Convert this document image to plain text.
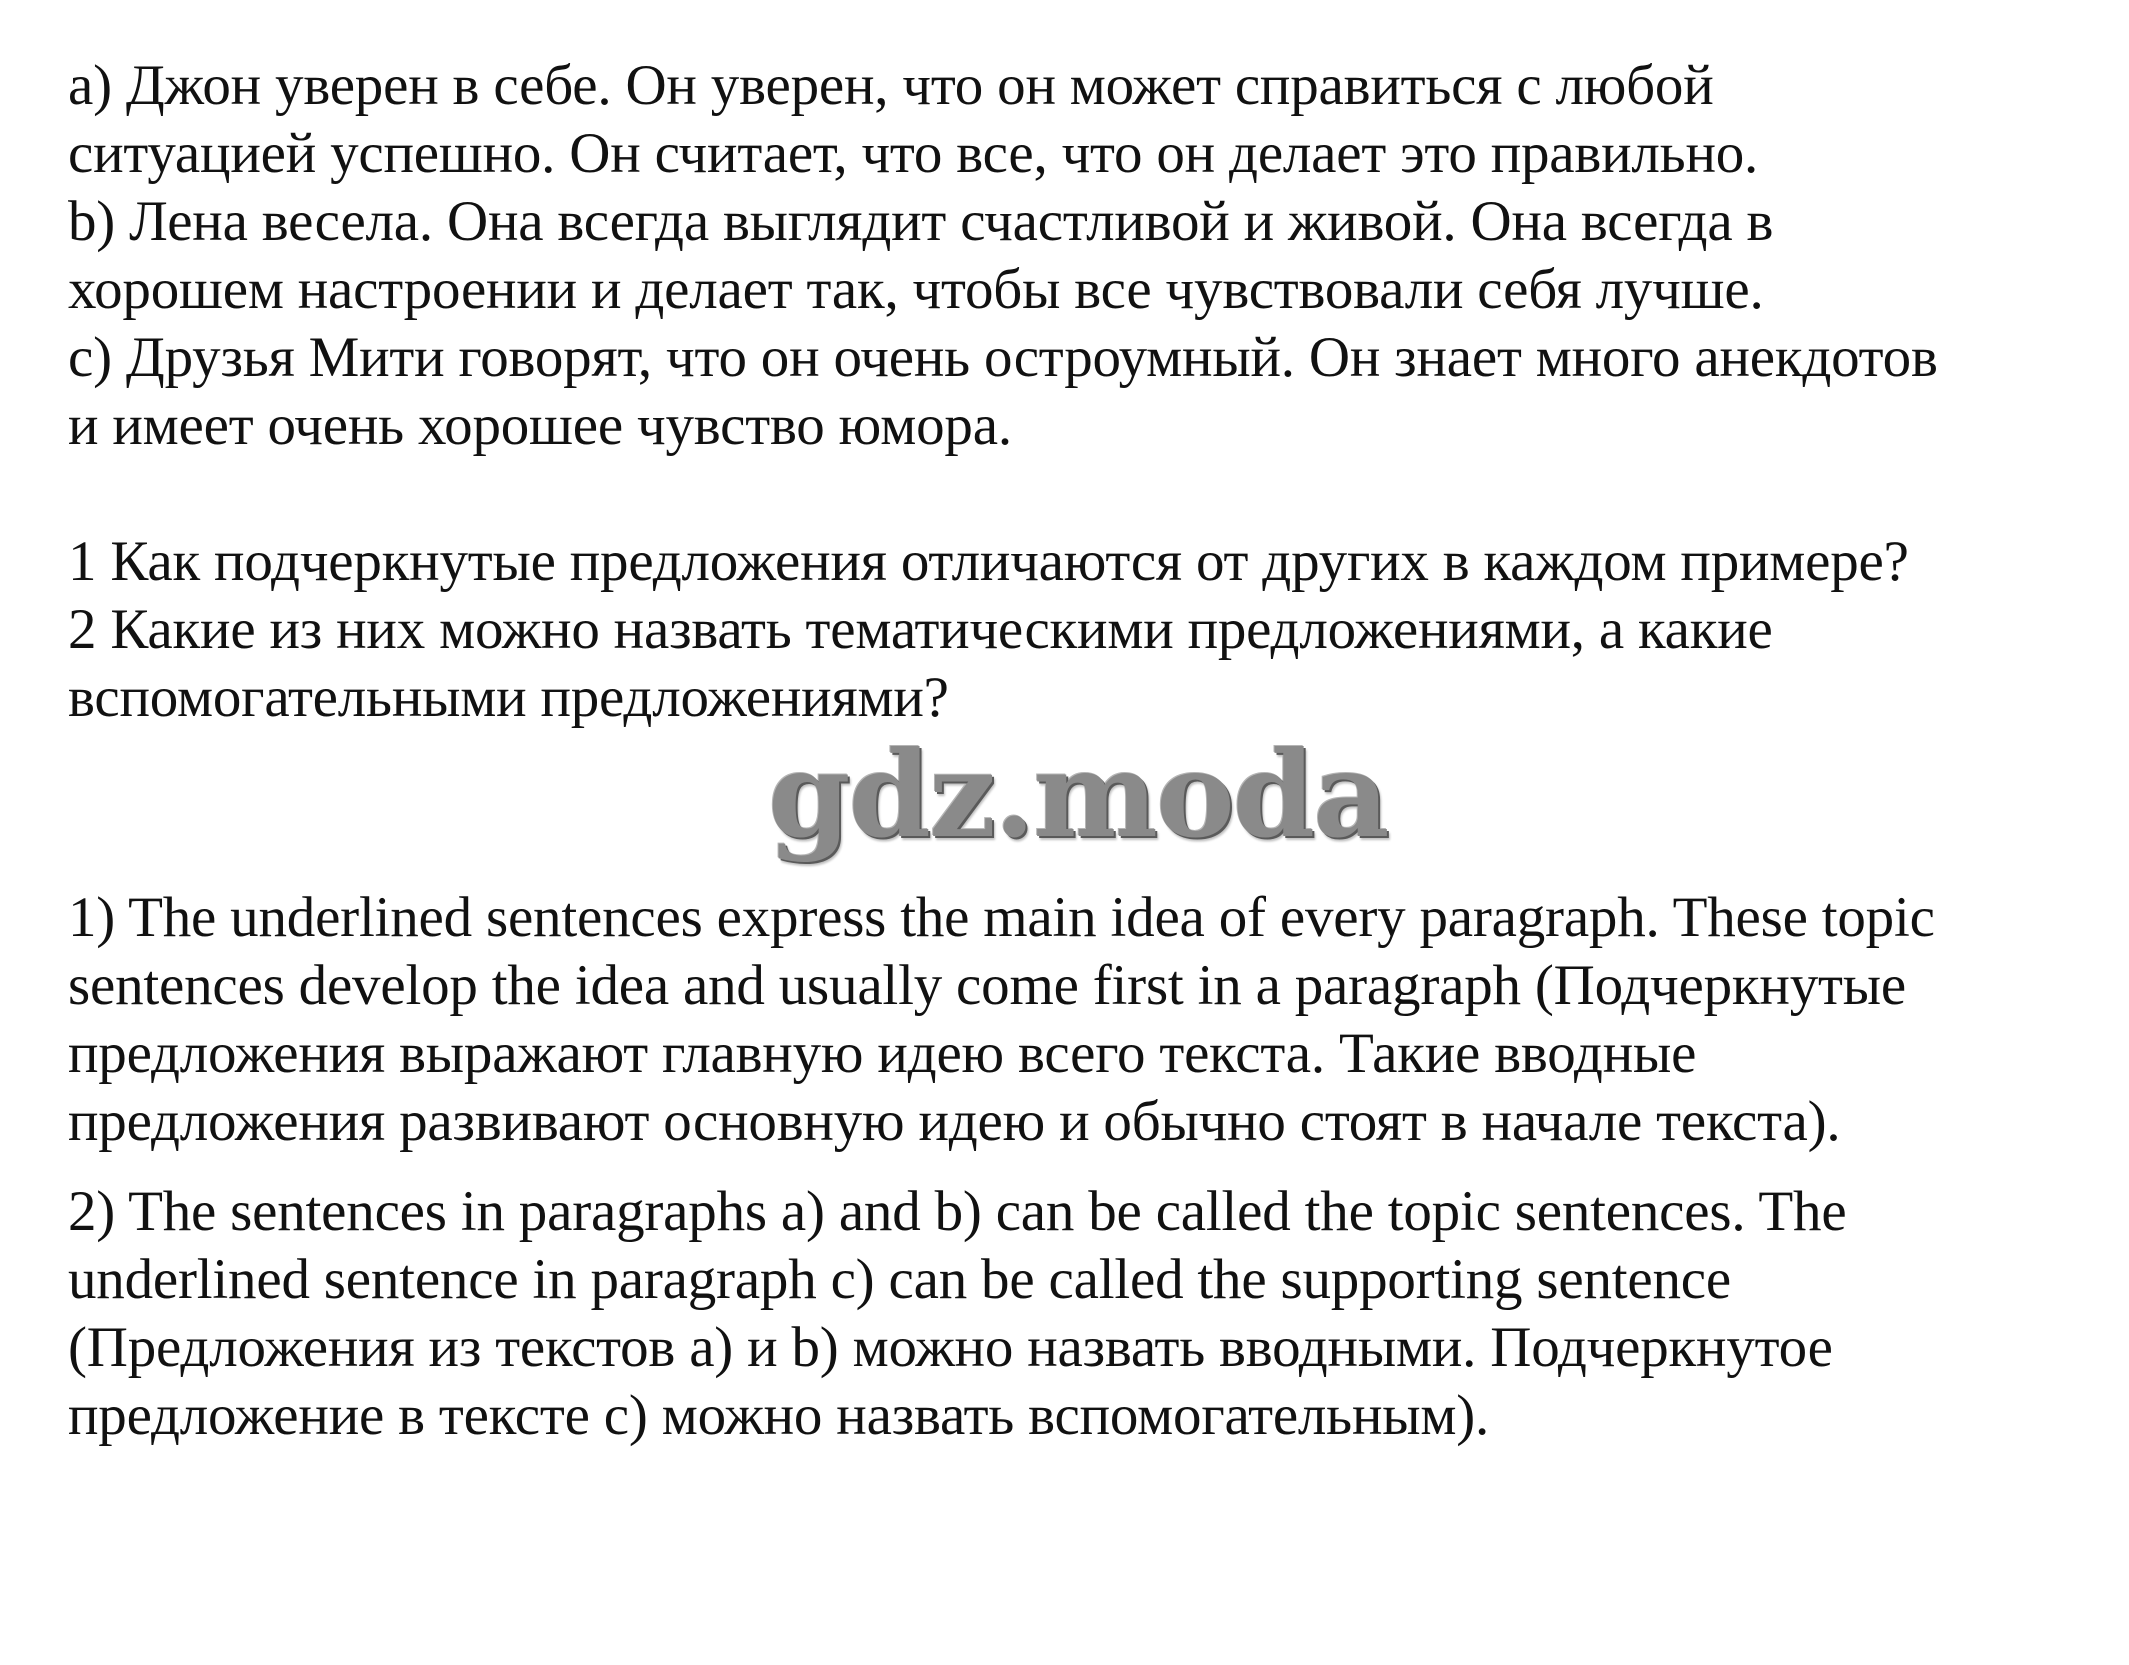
a) Джон уверен в себе. Он уверен, что он может справиться с любой
ситуацией успешно. Он считает, что все, что он делает это правильно.
b) Лена весела. Она всегда выглядит счастливой и живой. Она всегда в
хорошем настроении и делает так, чтобы все чувствовали себя лучше.
c) Друзья Мити говорят, что он очень остроумный. Он знает много анекдотов
и имеет очень хорошее чувство юмора.
1 Как подчеркнутые предложения отличаются от других в каждом примере?
2 Какие из них можно назвать тематическими предложениями, а какие
вспомогательными предложениями?
gdz.moda
1) The underlined sentences express the main idea of every paragraph. These topic
sentences develop the idea and usually come first in a paragraph (Подчеркнутые
предложения выражают главную идею всего текста. Такие вводные
предложения развивают основную идею и обычно стоят в начале текста).
2) The sentences in paragraphs a) and b) can be called the topic sentences. The
underlined sentence in paragraph c) can be called the supporting sentence
(Предложения из текстов a) и b) можно назвать вводными. Подчеркнутое
предложение в тексте c) можно назвать вспомогательным).
